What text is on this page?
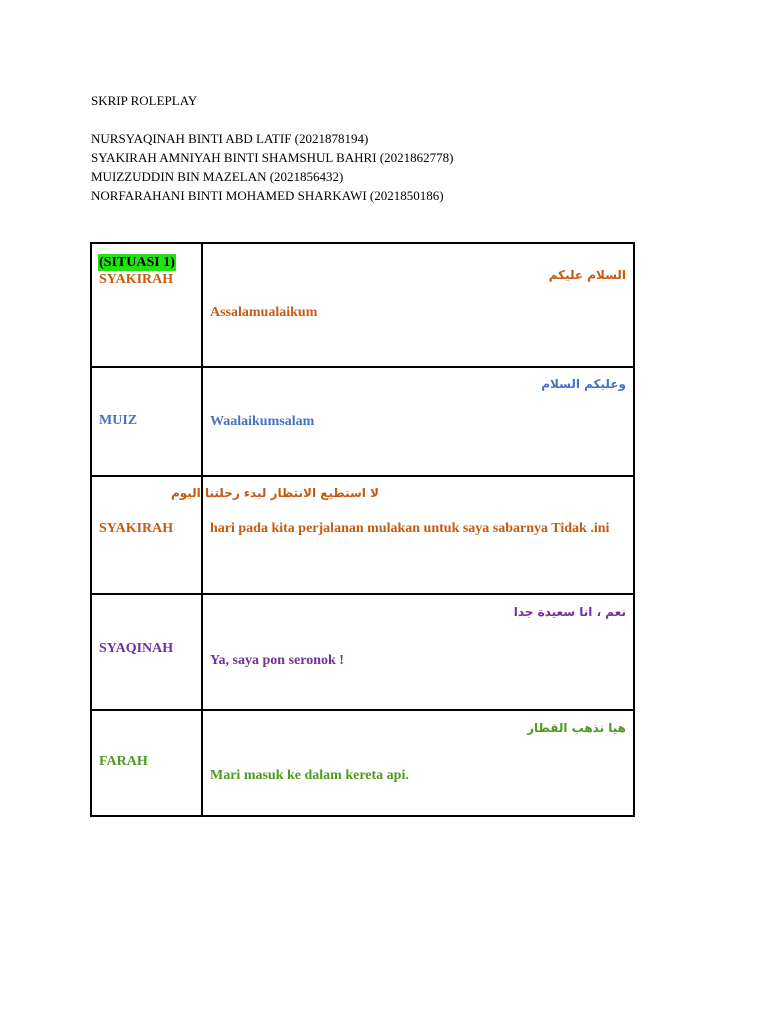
SKRIP ROLEPLAY
NURSYAQINAH BINTI ABD LATIF (2021878194)
SYAKIRAH AMNIYAH BINTI SHAMSHUL BAHRI (2021862778)
MUIZZUDDIN BIN MAZELAN (2021856432)
NORFARAHANI BINTI MOHAMED SHARKAWI (2021850186)
(SITUASI 1)
SYAKIRAH	السلام عليكم
Assalamualaikum

MUIZ	وعليكم السلام
Waalaikumsalam

SYAKIRAH	لا استطيع الانتظار لبدء رحلتنا اليوم
hari pada kita perjalanan mulakan untuk saya sabarnya Tidak .ini

SYAQINAH	نعم ، انا سعيدة جدا
Ya, saya pon seronok !

FARAH	هيا نذهب القطار
Mari masuk ke dalam kereta api.
